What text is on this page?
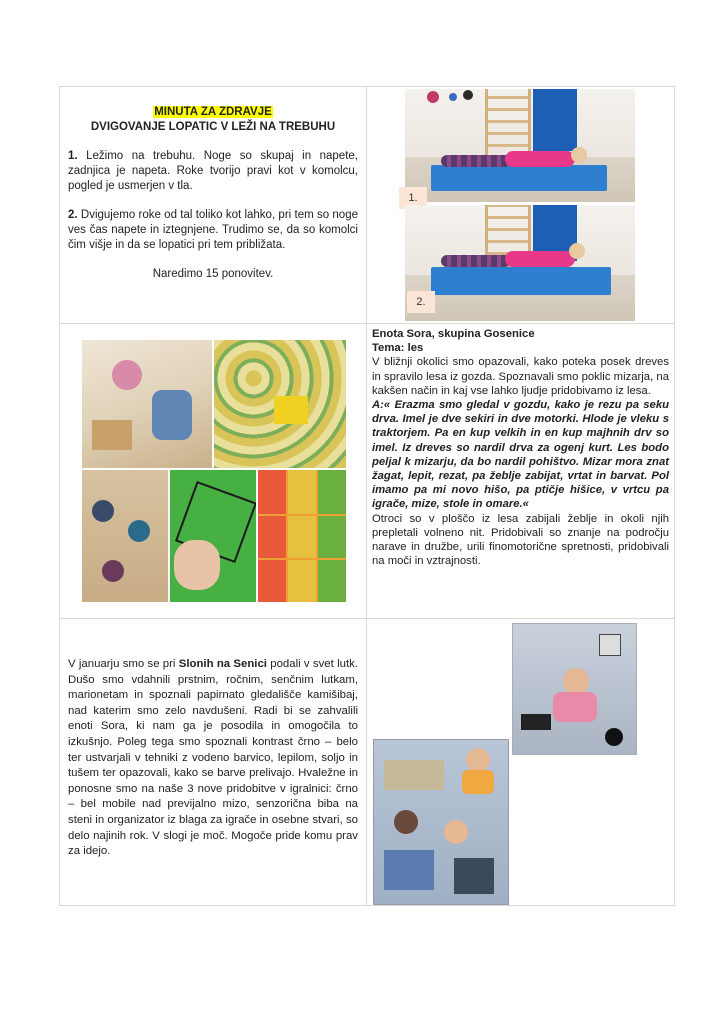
MINUTA ZA ZDRAVJE
DVIGOVANJE LOPATIC V LEŽI NA TREBUHU

1. Ležimo na trebuhu. Noge so skupaj in napete, zadnjica je napeta. Roke tvorijo pravi kot v komolcu, pogled je usmerjen v tla.

2. Dvigujemo roke od tal toliko kot lahko, pri tem so noge ves čas napete in iztegnjene. Trudimo se, da so komolci čim višje in da se lopatici pri tem približata.

Naredimo 15 ponovitev.

1.
2.

Enota Sora, skupina Gosenice

Tema: les

V bližnji okolici smo opazovali, kako poteka posek dreves in spravilo lesa iz gozda. Spoznavali smo poklic mizarja, na kakšen način in kaj vse lahko ljudje pridobivamo iz lesa.

A:« Erazma smo gledal v gozdu, kako je rezu pa seku drva. Imel je dve sekiri in dve motorki. Hlode je vleku s traktorjem. Pa en kup velkih in en kup majhnih drv so imel. Iz dreves so nardil drva za ogenj kurt. Les bodo peljal k mizarju, da bo nardil pohištvo. Mizar mora znat žagat, lepit, rezat, pa žeblje zabijat, vrtat in barvat. Pol imamo pa mi novo hišo, pa ptičje hišice, v vrtcu pa igrače, mize, stole in omare.«

Otroci so v ploščo iz lesa zabijali žeblje in okoli njih prepletali volneno nit. Pridobivali so znanje na področju narave in družbe, urili finomotorične spretnosti, pridobivali na moči in vztrajnosti.

V januarju smo se pri Slonih na Senici podali v svet lutk. Dušo smo vdahnili prstnim, ročnim, senčnim lutkam, marionetam in spoznali papirnato gledališče kamišibaj, nad katerim smo zelo navdušeni. Radi bi se zahvalili enoti Sora, ki nam ga je posodila in omogočila to izkušnjo. Poleg tega smo spoznali kontrast črno – belo ter ustvarjali v tehniki z vodeno barvico, lepilom, soljo in tušem ter opazovali, kako se barve prelivajo. Hvaležne in ponosne smo na naše 3 nove pridobitve v igralnici: črno – bel mobile nad previjalno mizo, senzorična biba na steni in organizator iz blaga za igrače in osebne stvari, so delo najinih rok. V slogi je moč. Mogoče pride komu prav za idejo.
